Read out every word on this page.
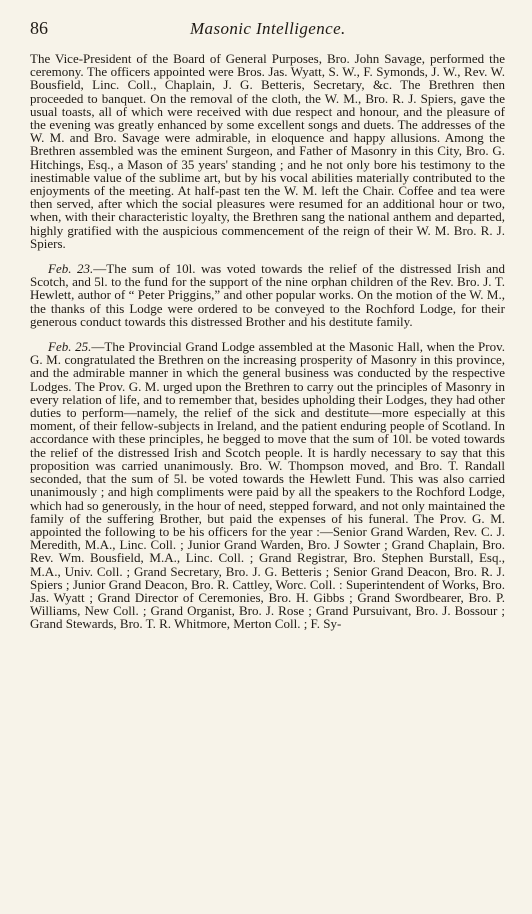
86	Masonic Intelligence.

The Vice-President of the Board of General Purposes, Bro. John Savage, performed the ceremony. The officers appointed were Bros. Jas. Wyatt, S. W., F. Symonds, J. W., Rev. W. Bousfield, Linc. Coll., Chaplain, J. G. Betteris, Secretary, &c. The Brethren then proceeded to banquet. On the removal of the cloth, the W. M., Bro. R. J. Spiers, gave the usual toasts, all of which were received with due respect and honour, and the pleasure of the evening was greatly enhanced by some excellent songs and duets. The addresses of the W. M. and Bro. Savage were admirable, in eloquence and happy allusions. Among the Brethren assembled was the eminent Surgeon, and Father of Masonry in this City, Bro. G. Hitchings, Esq., a Mason of 35 years' standing ; and he not only bore his testimony to the inestimable value of the sublime art, but by his vocal abilities materially contributed to the enjoyments of the meeting. At half-past ten the W. M. left the Chair. Coffee and tea were then served, after which the social pleasures were resumed for an additional hour or two, when, with their characteristic loyalty, the Brethren sang the national anthem and departed, highly gratified with the auspicious commencement of the reign of their W. M. Bro. R. J. Spiers.

Feb. 23.—The sum of 10l. was voted towards the relief of the distressed Irish and Scotch, and 5l. to the fund for the support of the nine orphan children of the Rev. Bro. J. T. Hewlett, author of “ Peter Priggins,” and other popular works. On the motion of the W. M., the thanks of this Lodge were ordered to be conveyed to the Rochford Lodge, for their generous conduct towards this distressed Brother and his destitute family.

Feb. 25.—The Provincial Grand Lodge assembled at the Masonic Hall, when the Prov. G. M. congratulated the Brethren on the increasing prosperity of Masonry in this province, and the admirable manner in which the general business was conducted by the respective Lodges. The Prov. G. M. urged upon the Brethren to carry out the principles of Masonry in every relation of life, and to remember that, besides upholding their Lodges, they had other duties to perform—namely, the relief of the sick and destitute—more especially at this moment, of their fellow-subjects in Ireland, and the patient enduring people of Scotland. In accordance with these principles, he begged to move that the sum of 10l. be voted towards the relief of the distressed Irish and Scotch people. It is hardly necessary to say that this proposition was carried unanimously. Bro. W. Thompson moved, and Bro. T. Randall seconded, that the sum of 5l. be voted towards the Hewlett Fund. This was also carried unanimously ; and high compliments were paid by all the speakers to the Rochford Lodge, which had so generously, in the hour of need, stepped forward, and not only maintained the family of the suffering Brother, but paid the expenses of his funeral. The Prov. G. M. appointed the following to be his officers for the year :—Senior Grand Warden, Rev. C. J. Meredith, M.A., Linc. Coll. ; Junior Grand Warden, Bro. J Sowter ; Grand Chaplain, Bro. Rev. Wm. Bousfield, M.A., Linc. Coll. ; Grand Registrar, Bro. Stephen Burstall, Esq., M.A., Univ. Coll. ; Grand Secretary, Bro. J. G. Betteris ; Senior Grand Deacon, Bro. R. J. Spiers ; Junior Grand Deacon, Bro. R. Cattley, Worc. Coll. : Superintendent of Works, Bro. Jas. Wyatt ; Grand Director of Ceremonies, Bro. H. Gibbs ; Grand Swordbearer, Bro. P. Williams, New Coll. ; Grand Organist, Bro. J. Rose ; Grand Pursuivant, Bro. J. Bossour ; Grand Stewards, Bro. T. R. Whitmore, Merton Coll. ; F. Sy-
